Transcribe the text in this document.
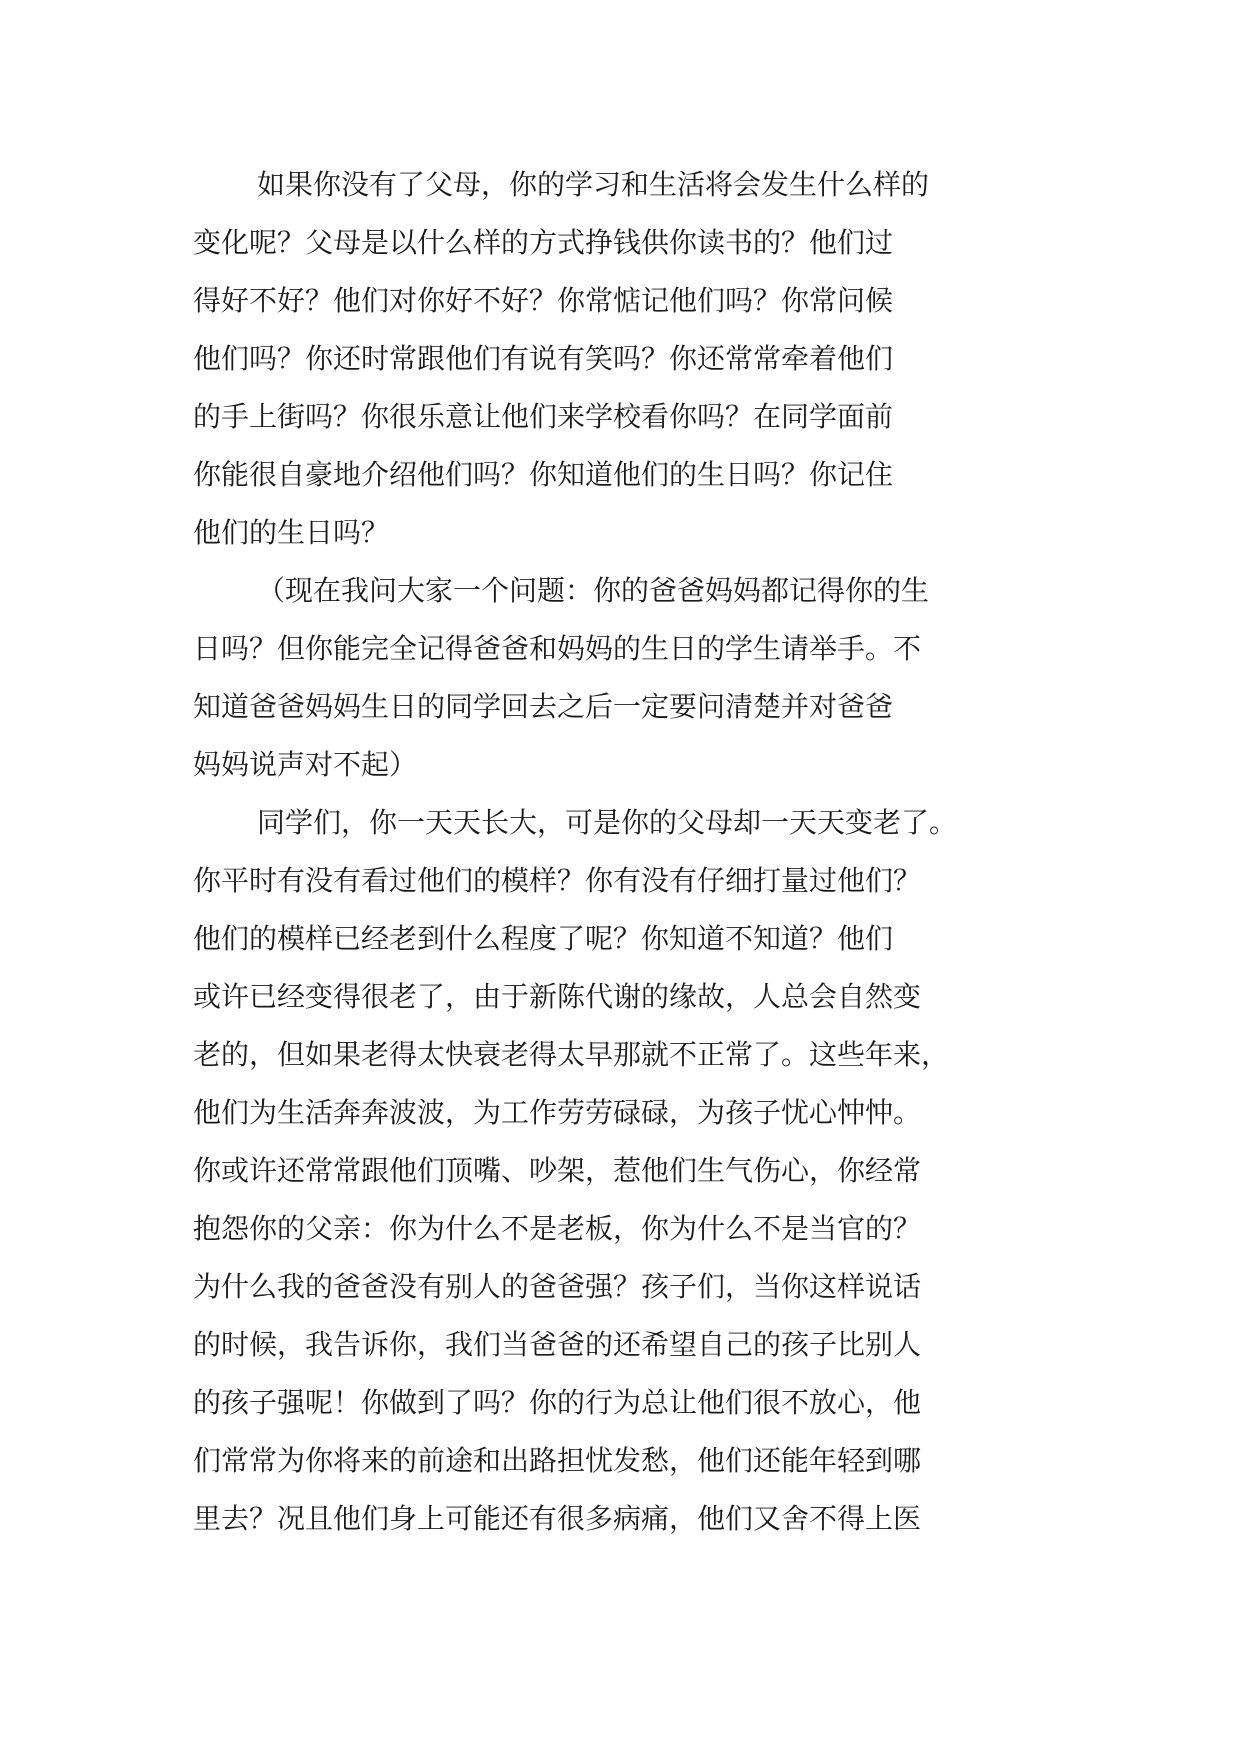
如果你没有了父母，你的学习和生活将会发生什么样的
变化呢？父母是以什么样的方式挣钱供你读书的？他们过
得好不好？他们对你好不好？你常惦记他们吗？你常问候
他们吗？你还时常跟他们有说有笑吗？你还常常牵着他们
的手上街吗？你很乐意让他们来学校看你吗？在同学面前
你能很自豪地介绍他们吗？你知道他们的生日吗？你记住
他们的生日吗？
（现在我问大家一个问题：你的爸爸妈妈都记得你的生
日吗？但你能完全记得爸爸和妈妈的生日的学生请举手。不
知道爸爸妈妈生日的同学回去之后一定要问清楚并对爸爸
妈妈说声对不起）
同学们，你一天天长大，可是你的父母却一天天变老了。
你平时有没有看过他们的模样？你有没有仔细打量过他们？
他们的模样已经老到什么程度了呢？你知道不知道？他们
或许已经变得很老了，由于新陈代谢的缘故，人总会自然变
老的，但如果老得太快衰老得太早那就不正常了。这些年来，
他们为生活奔奔波波，为工作劳劳碌碌，为孩子忧心忡忡。
你或许还常常跟他们顶嘴、吵架，惹他们生气伤心，你经常
抱怨你的父亲：你为什么不是老板，你为什么不是当官的？
为什么我的爸爸没有别人的爸爸强？孩子们，当你这样说话
的时候，我告诉你，我们当爸爸的还希望自己的孩子比别人
的孩子强呢！你做到了吗？你的行为总让他们很不放心，他
们常常为你将来的前途和出路担忧发愁，他们还能年轻到哪
里去？况且他们身上可能还有很多病痛，他们又舍不得上医
